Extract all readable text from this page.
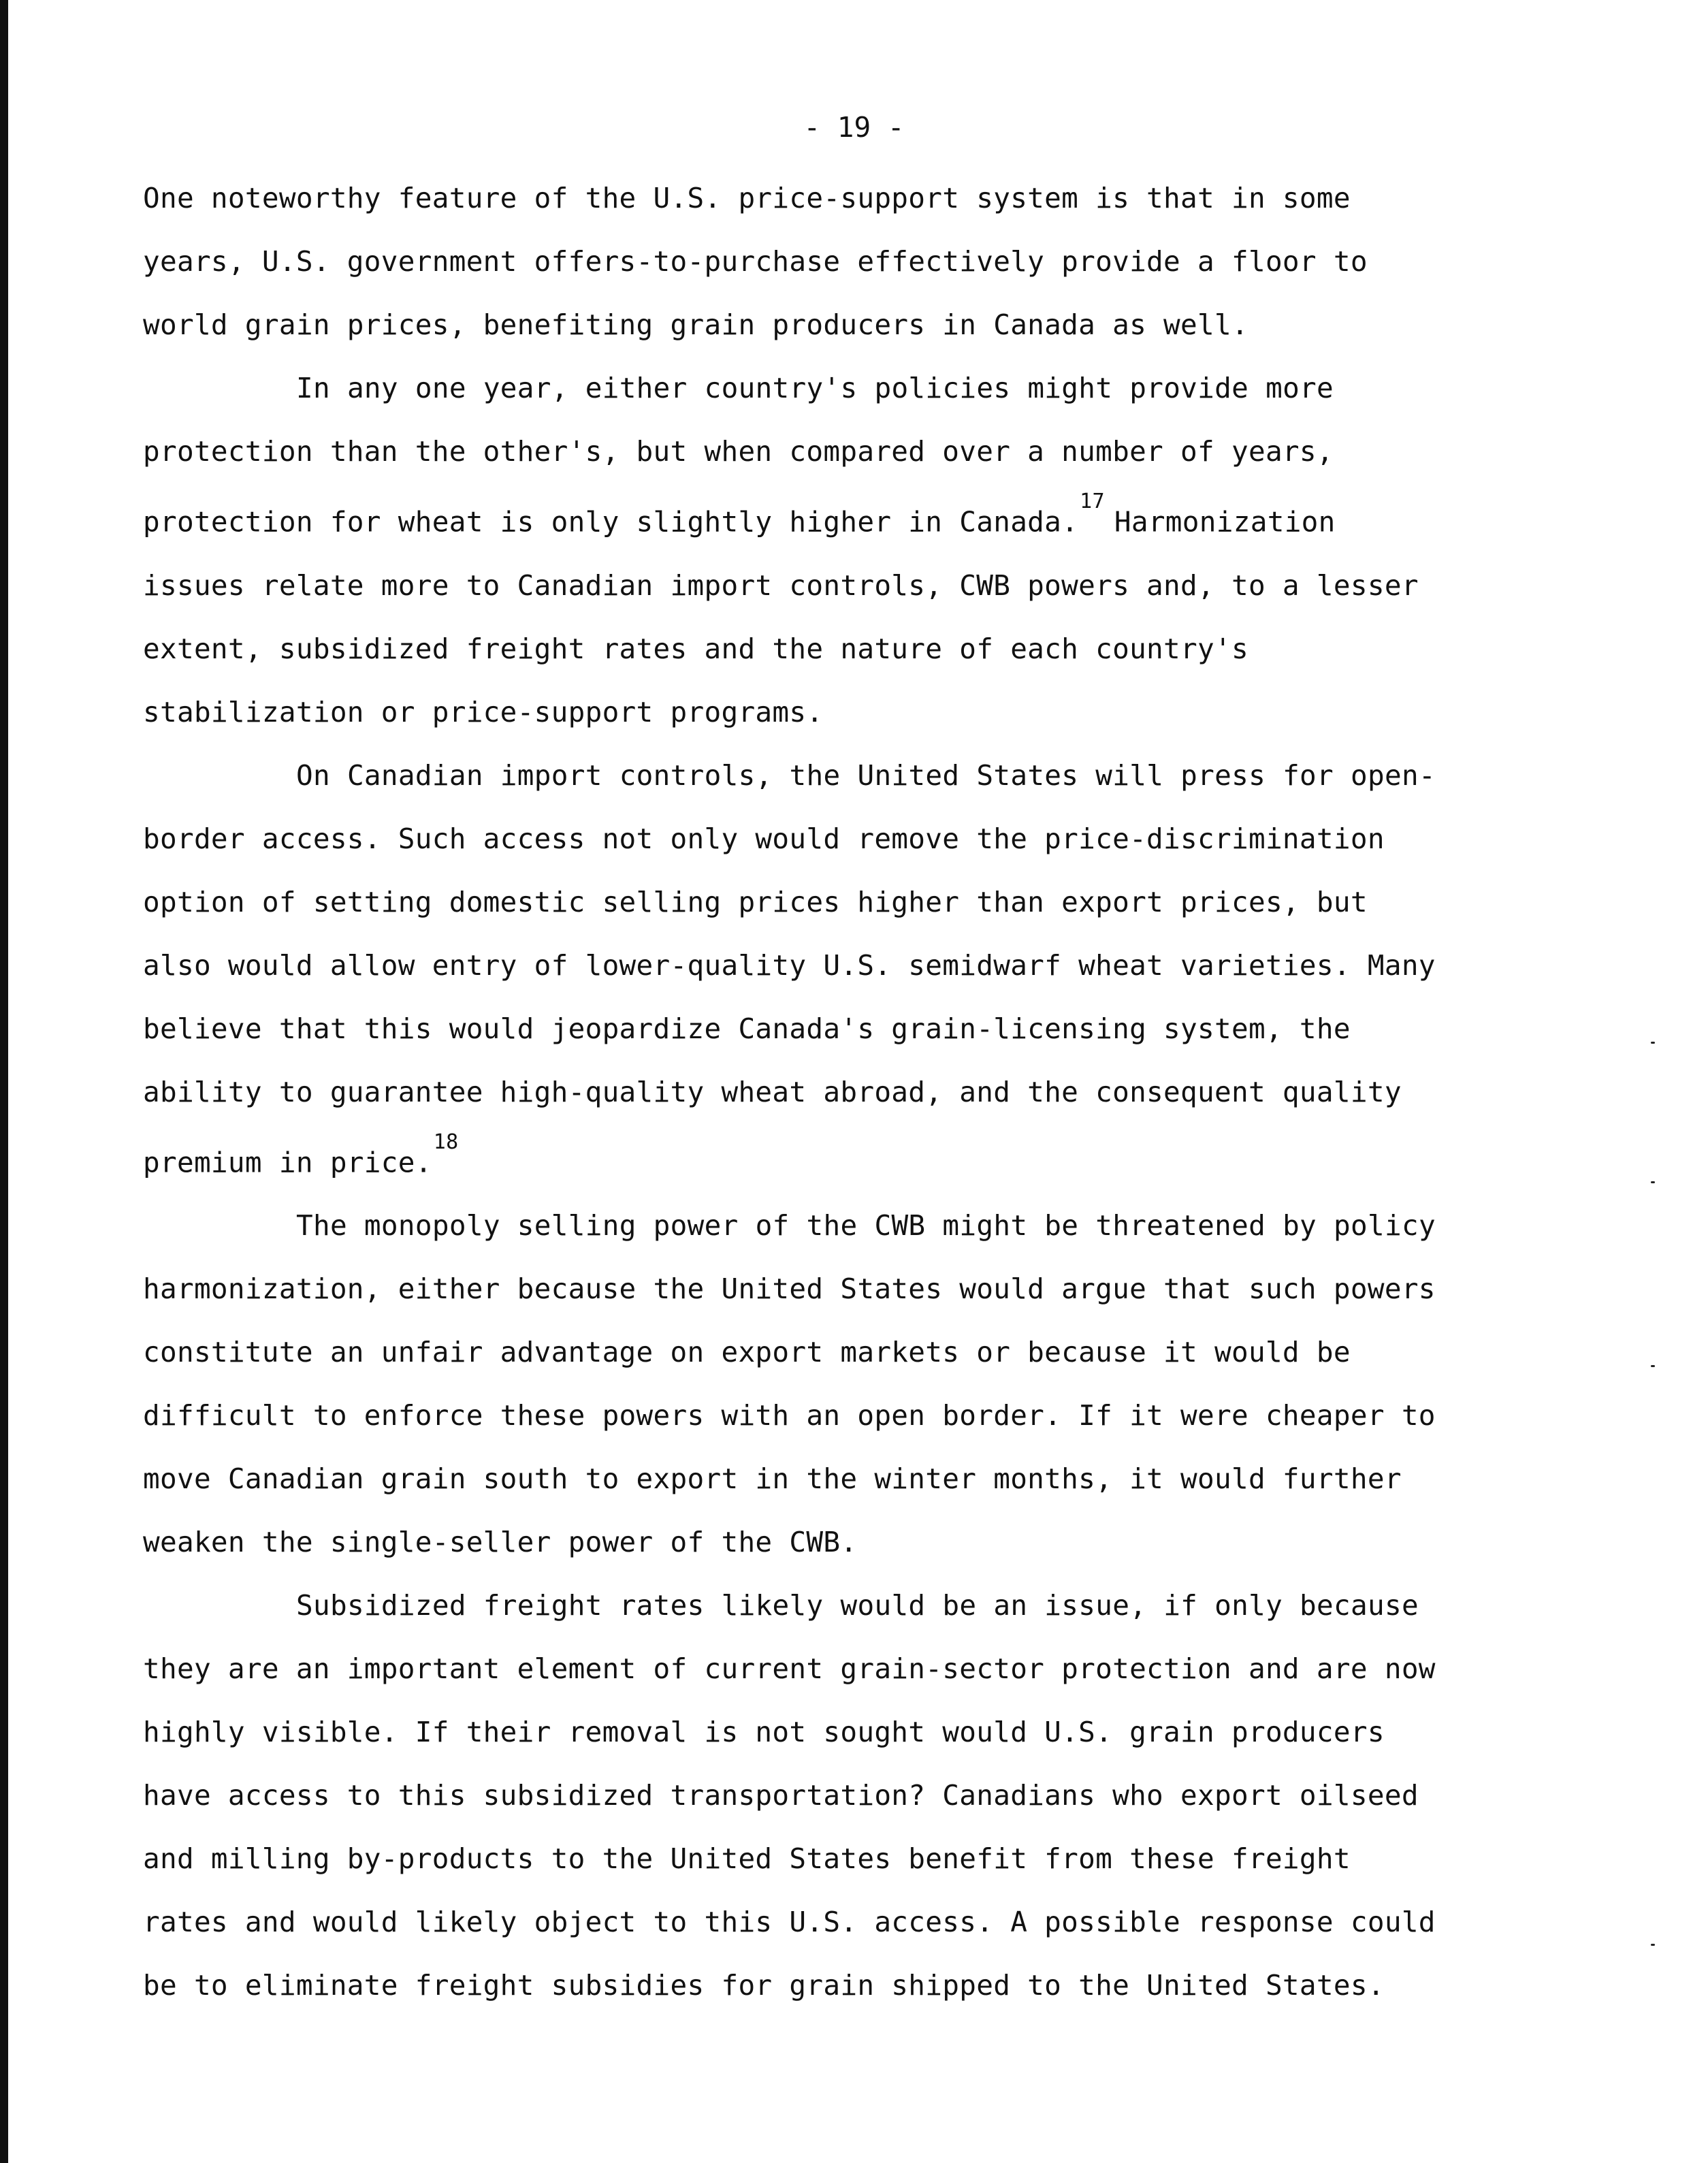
- 19 -

One noteworthy feature of the U.S. price-support system is that in some years, U.S. government offers-to-purchase effectively provide a floor to world grain prices, benefiting grain producers in Canada as well.

In any one year, either country's policies might provide more protection than the other's, but when compared over a number of years, protection for wheat is only slightly higher in Canada.$^{17}$Harmonization issues relate more to Canadian import controls, CWB powers and, to a lesser extent, subsidized freight rates and the nature of each country's stabilization or price-support programs.

On Canadian import controls, the United States will press for open-border access. Such access not only would remove the price-discrimination option of setting domestic selling prices higher than export prices, but also would allow entry of lower-quality U.S. semidwarf wheat varieties. Many believe that this would jeopardize Canada's grain-licensing system, the ability to guarantee high-quality wheat abroad, and the consequent quality premium in price.$^{18}$

The monopoly selling power of the CWB might be threatened by policy harmonization, either because the United States would argue that such powers constitute an unfair advantage on export markets or because it would be difficult to enforce these powers with an open border. If it were cheaper to move Canadian grain south to export in the winter months, it would further weaken the single-seller power of the CWB.

Subsidized freight rates likely would be an issue, if only because they are an important element of current grain-sector protection and are now highly visible. If their removal is not sought would U.S. grain producers have access to this subsidized transportation? Canadians who export oilseed and milling by-products to the United States benefit from these freight rates and would likely object to this U.S. access. A possible response could be to eliminate freight subsidies for grain shipped to the United States.
